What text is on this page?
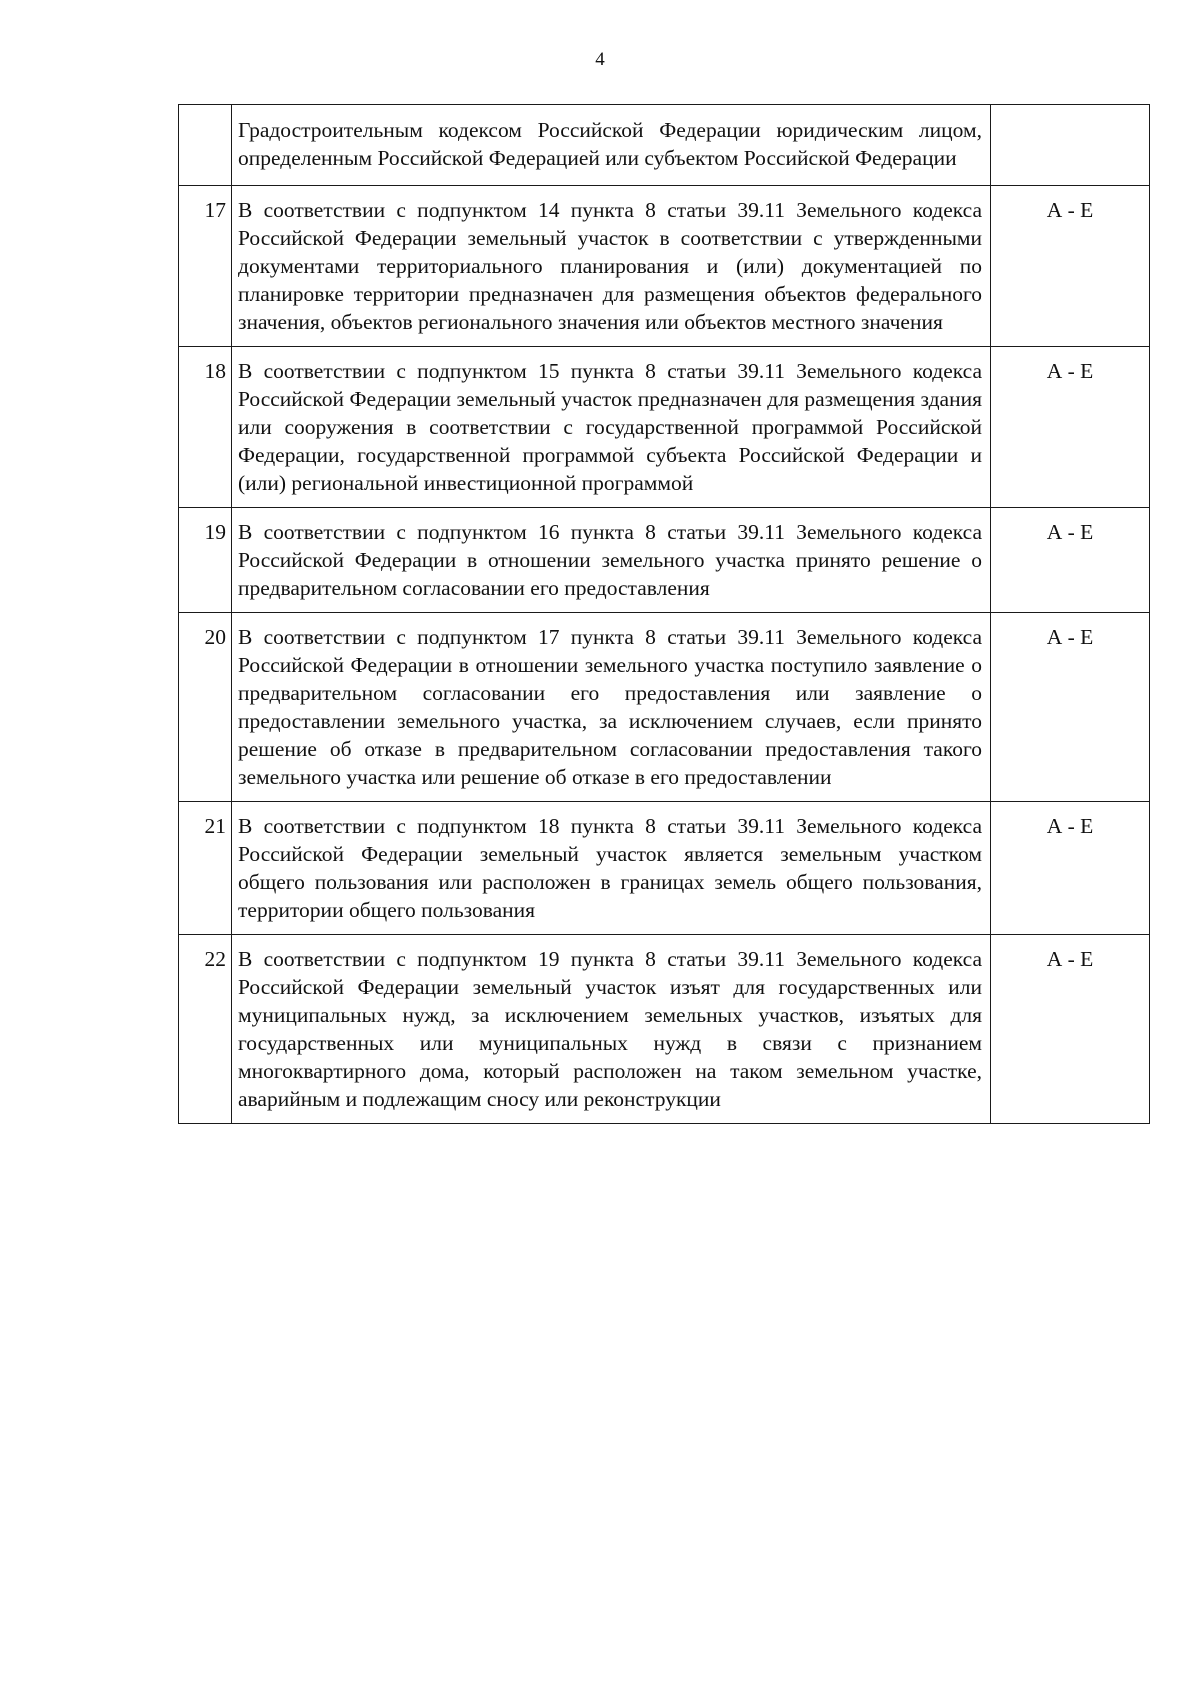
4
	Градостроительным кодексом Российской Федерации юридическим лицом, определенным Российской Федерацией или субъектом Российской Федерации	
17	В соответствии с подпунктом 14 пункта 8 статьи 39.11 Земельного кодекса Российской Федерации земельный участок в соответствии с утвержденными документами территориального планирования и (или) документацией по планировке территории предназначен для размещения объектов федерального значения, объектов регионального значения или объектов местного значения	А - Е
18	В соответствии с подпунктом 15 пункта 8 статьи 39.11 Земельного кодекса Российской Федерации земельный участок предназначен для размещения здания или сооружения в соответствии с государственной программой Российской Федерации, государственной программой субъекта Российской Федерации и (или) региональной инвестиционной программой	А - Е
19	В соответствии с подпунктом 16 пункта 8 статьи 39.11 Земельного кодекса Российской Федерации в отношении земельного участка принято решение о предварительном согласовании его предоставления	А - Е
20	В соответствии с подпунктом 17 пункта 8 статьи 39.11 Земельного кодекса Российской Федерации в отношении земельного участка поступило заявление о предварительном согласовании его предоставления или заявление о предоставлении земельного участка, за исключением случаев, если принято решение об отказе в предварительном согласовании предоставления такого земельного участка или решение об отказе в его предоставлении	А - Е
21	В соответствии с подпунктом 18 пункта 8 статьи 39.11 Земельного кодекса Российской Федерации земельный участок является земельным участком общего пользования или расположен в границах земель общего пользования, территории общего пользования	А - Е
22	В соответствии с подпунктом 19 пункта 8 статьи 39.11 Земельного кодекса Российской Федерации земельный участок изъят для государственных или муниципальных нужд, за исключением земельных участков, изъятых для государственных или муниципальных нужд в связи с признанием многоквартирного дома, который расположен на таком земельном участке, аварийным и подлежащим сносу или реконструкции	А - Е
